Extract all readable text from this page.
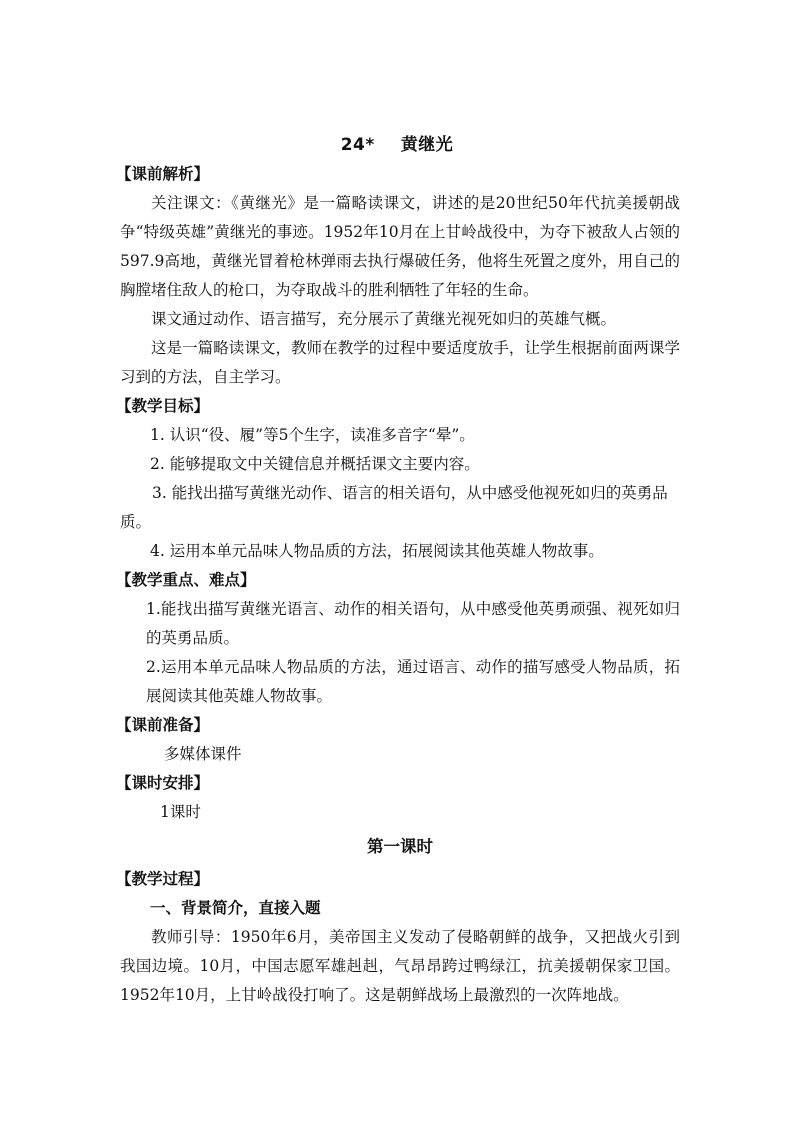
24* 黄继光
【课前解析】

关注课文：《黄继光》是一篇略读课文，讲述的是20世纪50年代抗美援朝战争“特级英雄”黄继光的事迹。1952年10月在上甘岭战役中，为夺下被敌人占领的597.9高地，黄继光冒着枪林弹雨去执行爆破任务，他将生死置之度外，用自己的胸膛堵住敌人的枪口，为夺取战斗的胜利牺牲了年轻的生命。

课文通过动作、语言描写，充分展示了黄继光视死如归的英雄气概。

这是一篇略读课文，教师在教学的过程中要适度放手，让学生根据前面两课学习到的方法，自主学习。

【教学目标】

1. 认识“役、履”等5个生字，读准多音字“晕”。

2. 能够提取文中关键信息并概括课文主要内容。

3. 能找出描写黄继光动作、语言的相关语句，从中感受他视死如归的英勇品质。

4. 运用本单元品味人物品质的方法，拓展阅读其他英雄人物故事。

【教学重点、难点】

1.能找出描写黄继光语言、动作的相关语句，从中感受他英勇顽强、视死如归的英勇品质。

2.运用本单元品味人物品质的方法，通过语言、动作的描写感受人物品质，拓展阅读其他英雄人物故事。

【课前准备】
多媒体课件
【课时安排】
1课时
第一课时
【教学过程】
一、背景简介，直接入题

教师引导：1950年6月，美帝国主义发动了侵略朝鲜的战争，又把战火引到我国边境。10月，中国志愿军雄赳赳，气昂昂跨过鸭绿江，抗美援朝保家卫国。1952年10月，上甘岭战役打响了。这是朝鲜战场上最激烈的一次阵地战。
